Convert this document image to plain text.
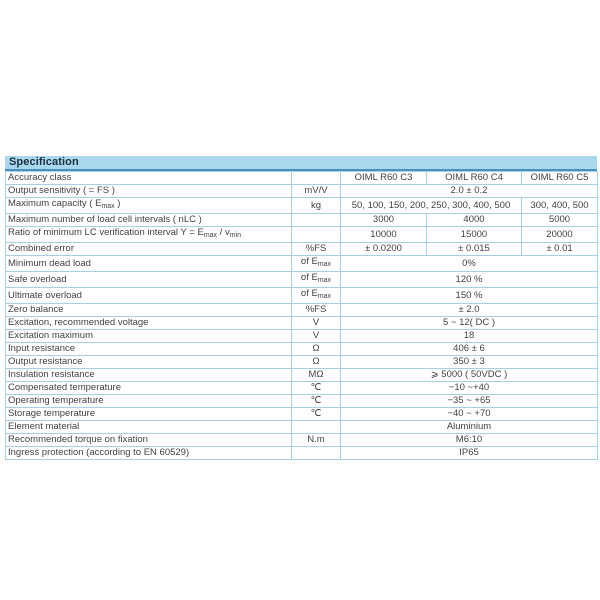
Specification
Accuracy class		OIML R60 C3	OIML R60 C4	OIML R60 C5
Output sensitivity ( = FS )	mV/V	2.0 ± 0.2		
Maximum capacity ( $E_{max}$ )	kg	50, 100, 150, 200, 250, 300, 400, 500		300, 400, 500
Maximum number of load cell intervals ( nLC )		3000	4000	5000
Ratio of minimum LC verification interval $Y = E_{max} / v_{min}$		10000	15000	20000
Combined error	%FS	± 0.0200	± 0.015	± 0.01
Minimum dead load	of $E_{max}$	0%		
Safe overload	of $E_{max}$	120 %		
Ultimate overload	of $E_{max}$	150 %		
Zero balance	%FS	± 2.0		
Excitation, recommended voltage	V	5 ~ 12( DC )		
Excitation maximum	V	18		
Input resistance	Ω	406 ± 6		
Output resistance	Ω	350 ± 3		
Insulation resistance	MΩ	⩾ 5000 ( 50VDC )		
Compensated temperature	℃	−10 ~+40		
Operating temperature	℃	−35 ~ +65		
Storage temperature	℃	−40 ~ +70		
Element material		Aluminium		
Recommended torque on fixation	N.m	M6:10		
Ingress protection (according to EN 60529)		IP65		
